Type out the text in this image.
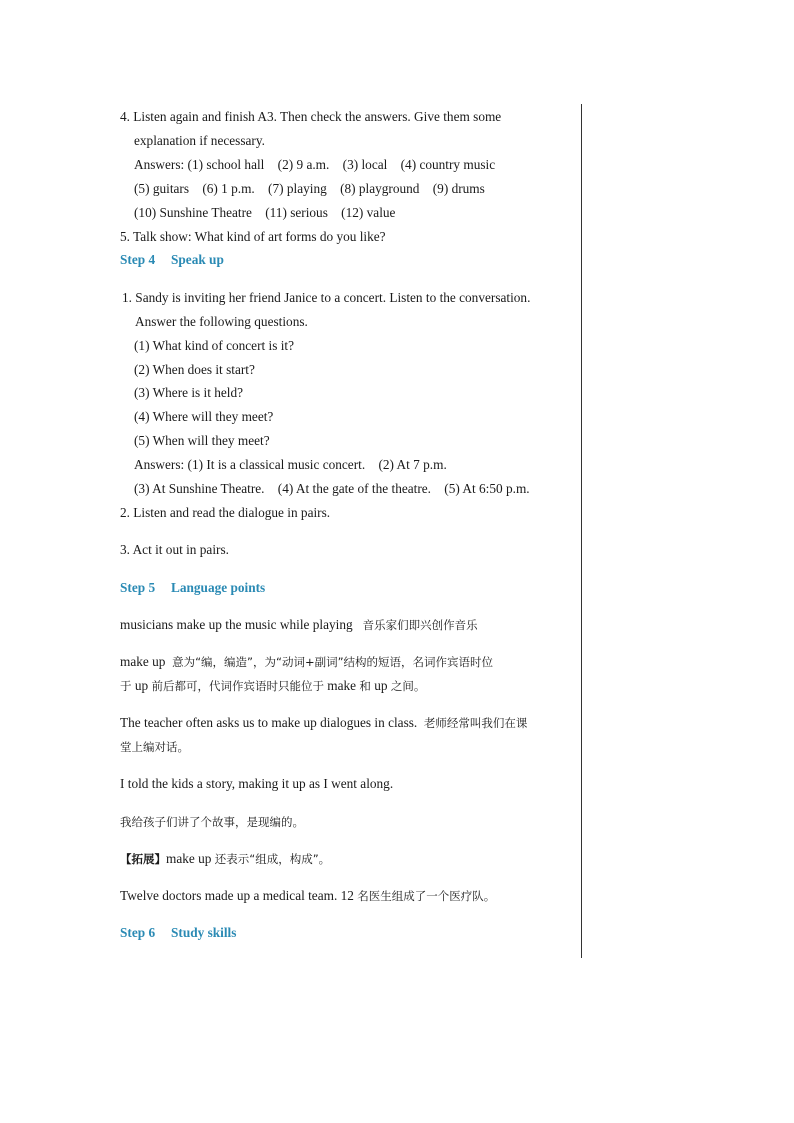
4. Listen again and finish A3. Then check the answers. Give them some
explanation if necessary.
Answers: (1) school hall    (2) 9 a.m.    (3) local    (4) country music
(5) guitars    (6) 1 p.m.    (7) playing    (8) playground    (9) drums
(10) Sunshine Theatre    (11) serious    (12) value
5. Talk show: What kind of art forms do you like?
Step 4 Speak up
1. Sandy is inviting her friend Janice to a concert. Listen to the conversation.
Answer the following questions.
(1) What kind of concert is it?
(2) When does it start?
(3) Where is it held?
(4) Where will they meet?
(5) When will they meet?
Answers: (1) It is a classical music concert.    (2) At 7 p.m.
(3) At Sunshine Theatre.    (4) At the gate of the theatre.    (5) At 6:50 p.m.
2. Listen and read the dialogue in pairs.
3. Act it out in pairs.
Step 5 Language points
musicians make up the music while playing 音乐家们即兴创作音乐
make up 意为“编，编造”，为“动词+副词”结构的短语，名词作宾语时位
于 up 前后都可，代词作宾语时只能位于 make 和 up 之间。
The teacher often asks us to make up dialogues in class. 老师经常叫我们在课
堂上编对话。
I told the kids a story, making it up as I went along.
我给孩子们讲了个故事，是现编的。
【拓展】make up 还表示“组成，构成”。
Twelve doctors made up a medical team. 12 名医生组成了一个医疗队。
Step 6 Study skills
